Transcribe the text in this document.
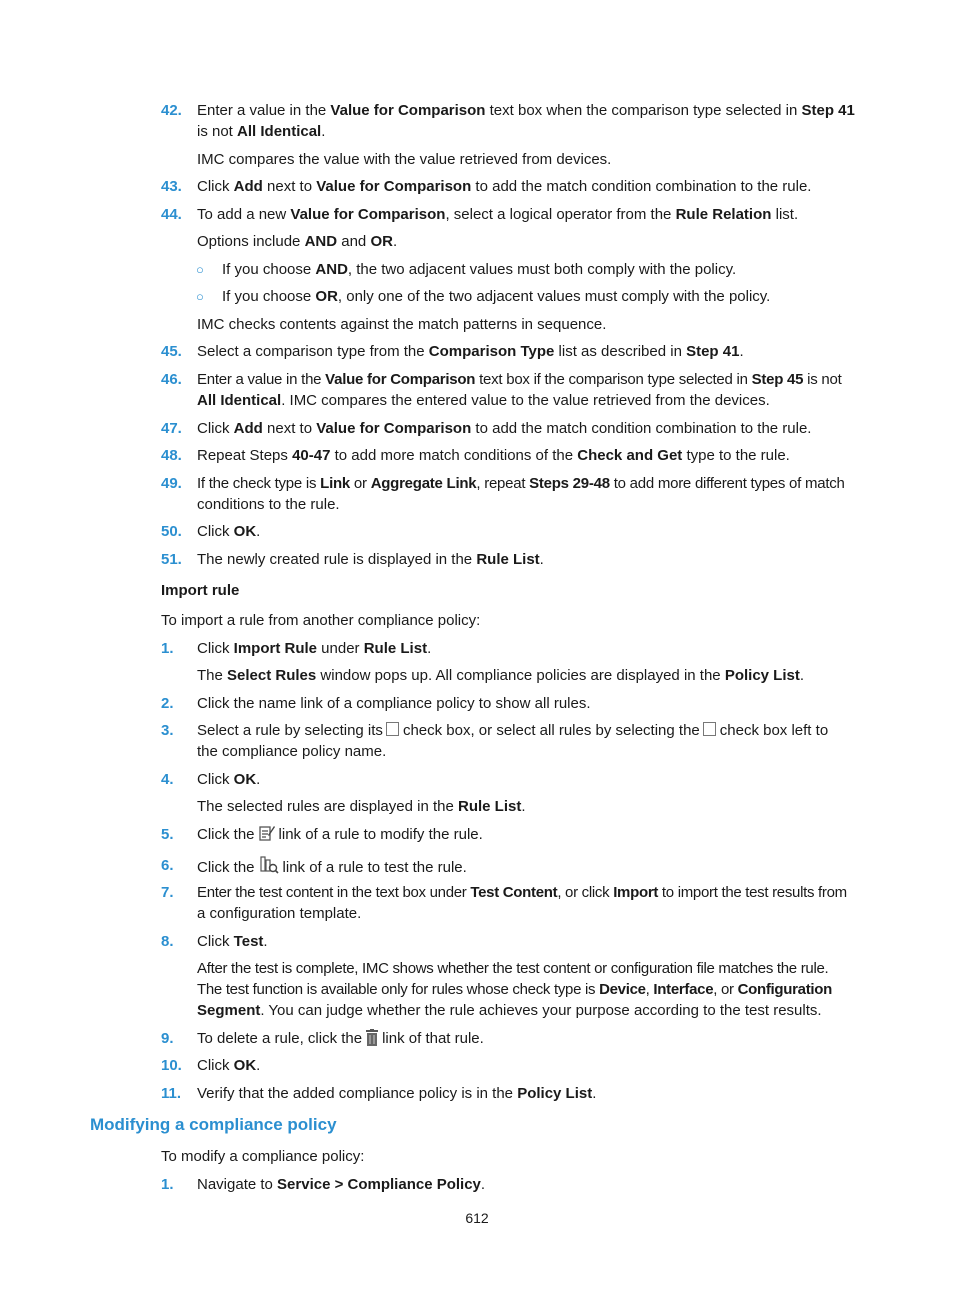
42. Enter a value in the Value for Comparison text box when the comparison type selected in Step 41
is not All Identical.
IMC compares the value with the value retrieved from devices.
43. Click Add next to Value for Comparison to add the match condition combination to the rule.
44. To add a new Value for Comparison, select a logical operator from the Rule Relation list.
Options include AND and OR.
○ If you choose AND, the two adjacent values must both comply with the policy.
○ If you choose OR, only one of the two adjacent values must comply with the policy.
IMC checks contents against the match patterns in sequence.
45. Select a comparison type from the Comparison Type list as described in Step 41.
46. Enter a value in the Value for Comparison text box if the comparison type selected in Step 45 is not
All Identical. IMC compares the entered value to the value retrieved from the devices.
47. Click Add next to Value for Comparison to add the match condition combination to the rule.
48. Repeat Steps 40-47 to add more match conditions of the Check and Get type to the rule.
49. If the check type is Link or Aggregate Link, repeat Steps 29-48 to add more different types of match
conditions to the rule.
50. Click OK.
51. The newly created rule is displayed in the Rule List.
Import rule
To import a rule from another compliance policy:
1. Click Import Rule under Rule List.
The Select Rules window pops up. All compliance policies are displayed in the Policy List.
2. Click the name link of a compliance policy to show all rules.
3. Select a rule by selecting its check box, or select all rules by selecting the check box left to
the compliance policy name.
4. Click OK.
The selected rules are displayed in the Rule List.
5. Click the link of a rule to modify the rule.
6. Click the link of a rule to test the rule.
7. Enter the test content in the text box under Test Content, or click Import to import the test results from
a configuration template.
8. Click Test.
After the test is complete, IMC shows whether the test content or configuration file matches the rule.
The test function is available only for rules whose check type is Device, Interface, or Configuration
Segment. You can judge whether the rule achieves your purpose according to the test results.
9. To delete a rule, click the link of that rule.
10. Click OK.
11. Verify that the added compliance policy is in the Policy List.
Modifying a compliance policy
To modify a compliance policy:
1. Navigate to Service > Compliance Policy.
612
